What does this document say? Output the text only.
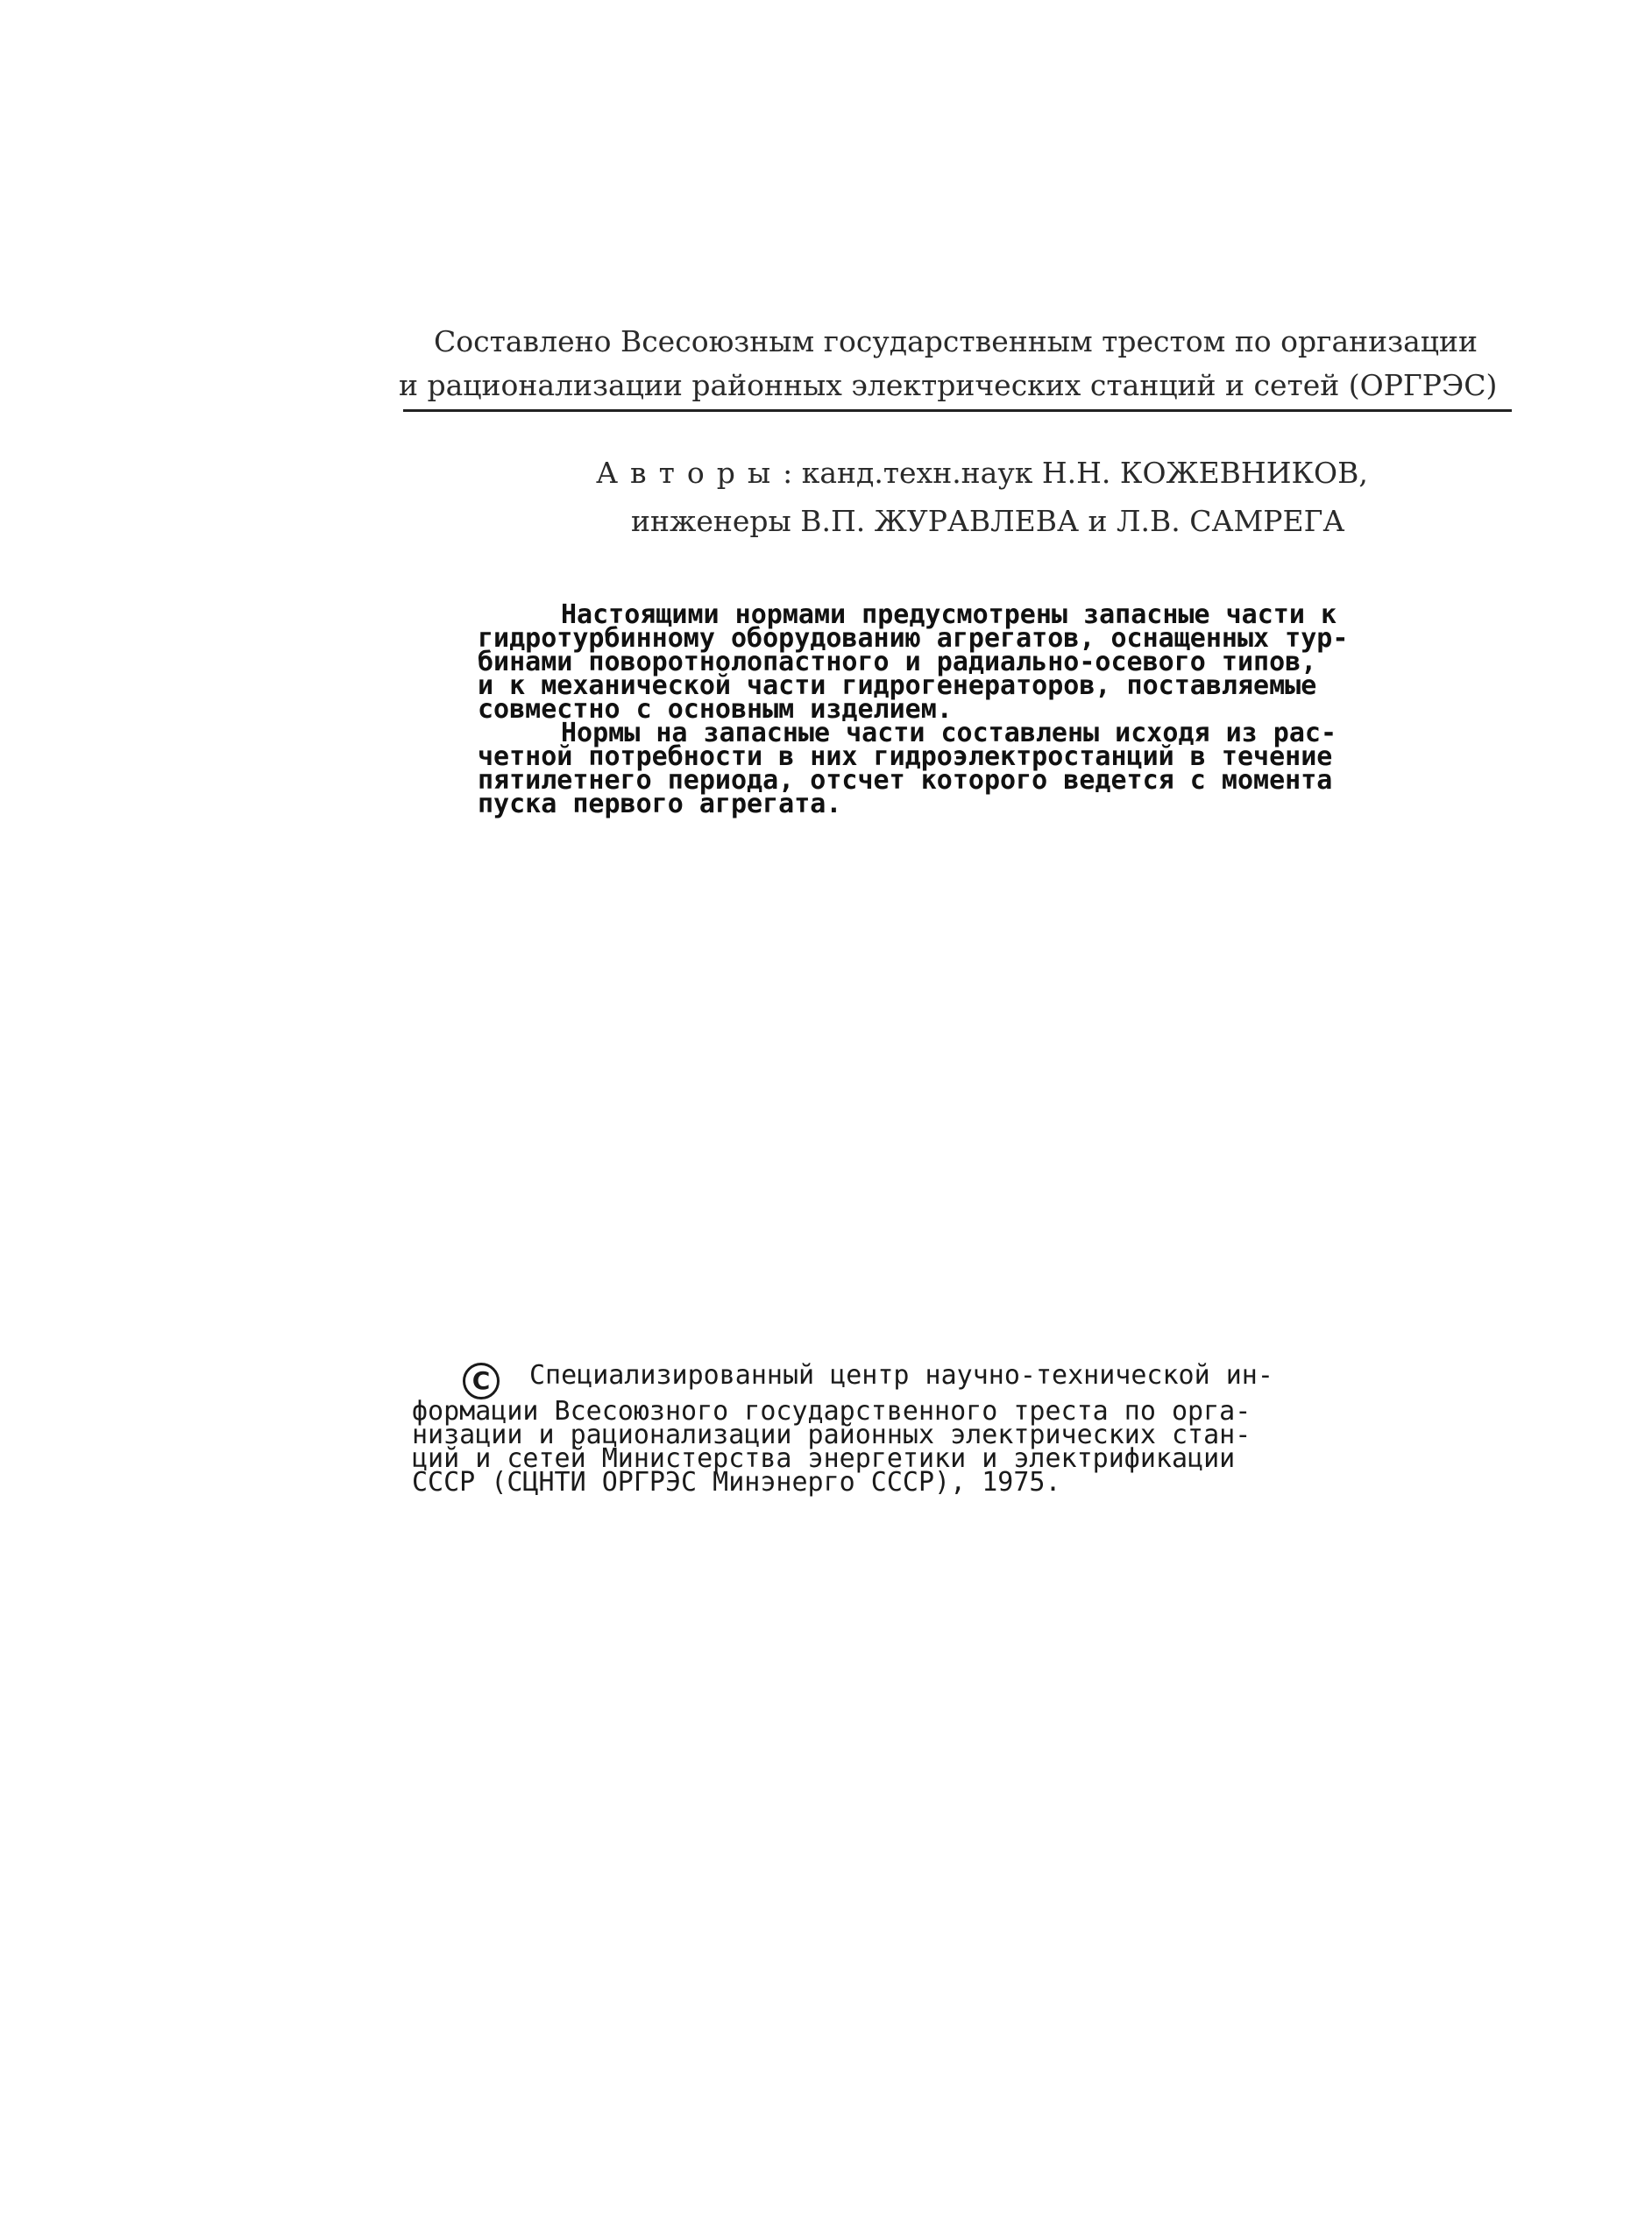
Составлено Всесоюзным государственным трестом по организации
и рационализации районных электрических станций и сетей (ОРГРЭС)
Авторы: канд.техн.наук Н.Н. КОЖЕВНИКОВ,
инженеры В.П. ЖУРАВЛЕВА и Л.В. САМРЕГА

Настоящими нормами предусмотрены запасные части к
гидротурбинному оборудованию агрегатов, оснащенных тур-
бинами поворотнолопастного и радиально-осевого типов,
и к механической части гидрогенераторов, поставляемые
совместно с основным изделием.

Нормы на запасные части составлены исходя из рас-
четной потребности в них гидроэлектростанций в течение
пятилетнего периода, отсчет которого ведется с момента
пуска первого агрегата.

С Специализированный центр научно-технической ин-

формации Всесоюзного государственного треста по орга-
низации и рационализации районных электрических стан-
ций и сетей Министерства энергетики и электрификации
СССР (СЦНТИ ОРГРЭС Минэнерго СССР), 1975.
